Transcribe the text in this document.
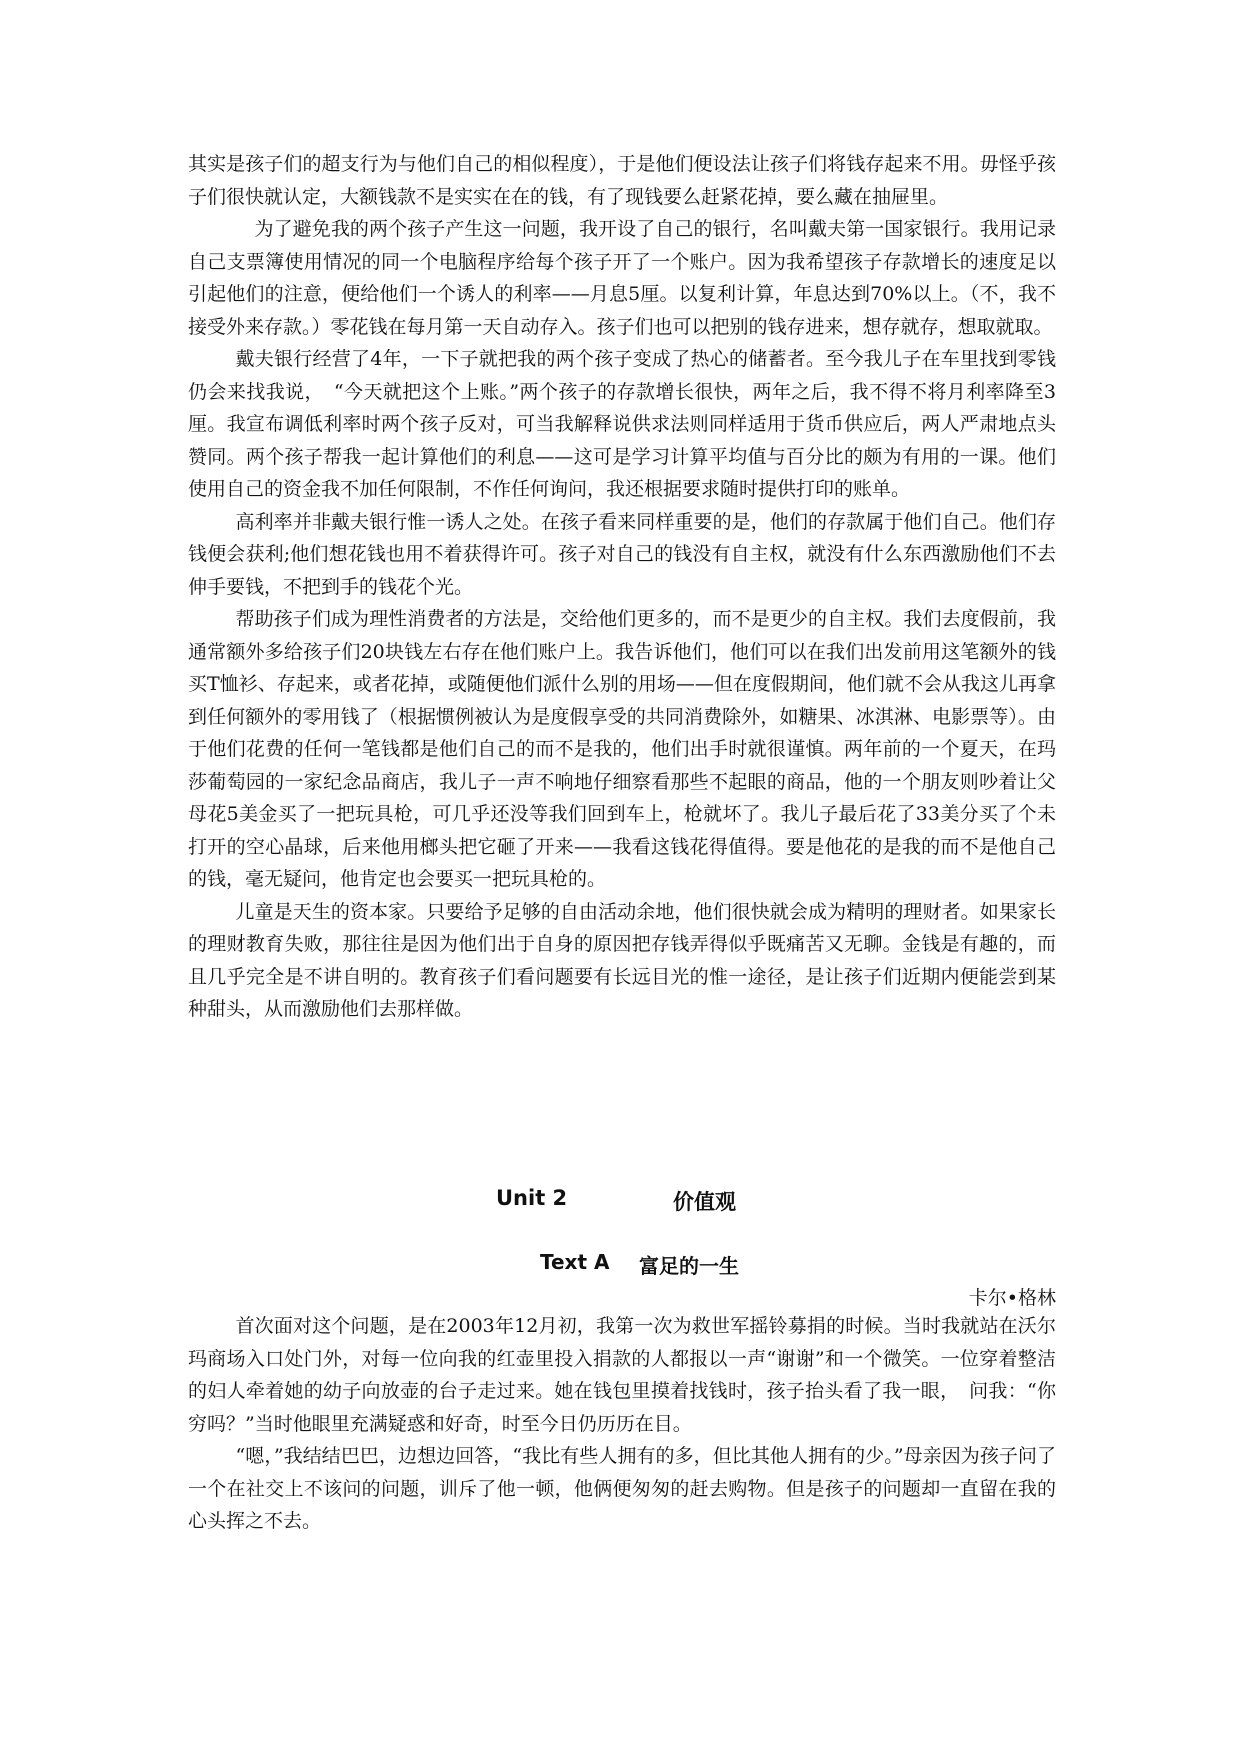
其实是孩子们的超支行为与他们自己的相似程度），于是他们便设法让孩子们将钱存起来不用。毋怪乎孩子们很快就认定，大额钱款不是实实在在的钱，有了现钱要么赶紧花掉，要么藏在抽屉里。

为了避免我的两个孩子产生这一问题，我开设了自己的银行，名叫戴夫第一国家银行。我用记录自己支票簿使用情况的同一个电脑程序给每个孩子开了一个账户。因为我希望孩子存款增长的速度足以引起他们的注意，便给他们一个诱人的利率——月息5厘。以复利计算，年息达到70%以上。（不，我不接受外来存款。）零花钱在每月第一天自动存入。孩子们也可以把别的钱存进来，想存就存，想取就取。

戴夫银行经营了4年，一下子就把我的两个孩子变成了热心的储蓄者。至今我儿子在车里找到零钱仍会来找我说，　“今天就把这个上账。”两个孩子的存款增长很快，两年之后，我不得不将月利率降至3厘。我宣布调低利率时两个孩子反对，可当我解释说供求法则同样适用于货币供应后，两人严肃地点头赞同。两个孩子帮我一起计算他们的利息——这可是学习计算平均值与百分比的颇为有用的一课。他们使用自己的资金我不加任何限制，不作任何询问，我还根据要求随时提供打印的账单。

高利率并非戴夫银行惟一诱人之处。在孩子看来同样重要的是，他们的存款属于他们自己。他们存钱便会获利;他们想花钱也用不着获得许可。孩子对自己的钱没有自主权，就没有什么东西激励他们不去伸手要钱，不把到手的钱花个光。

帮助孩子们成为理性消费者的方法是，交给他们更多的，而不是更少的自主权。我们去度假前，我通常额外多给孩子们20块钱左右存在他们账户上。我告诉他们，他们可以在我们出发前用这笔额外的钱买T恤衫、存起来，或者花掉，或随便他们派什么别的用场——但在度假期间，他们就不会从我这儿再拿到任何额外的零用钱了（根据惯例被认为是度假享受的共同消费除外，如糖果、冰淇淋、电影票等）。由于他们花费的任何一笔钱都是他们自己的而不是我的，他们出手时就很谨慎。两年前的一个夏天，在玛莎葡萄园的一家纪念品商店，我儿子一声不响地仔细察看那些不起眼的商品，他的一个朋友则吵着让父母花5美金买了一把玩具枪，可几乎还没等我们回到车上，枪就坏了。我儿子最后花了33美分买了个未打开的空心晶球，后来他用榔头把它砸了开来——我看这钱花得值得。要是他花的是我的而不是他自己的钱，毫无疑问，他肯定也会要买一把玩具枪的。

儿童是天生的资本家。只要给予足够的自由活动余地，他们很快就会成为精明的理财者。如果家长的理财教育失败，那往往是因为他们出于自身的原因把存钱弄得似乎既痛苦又无聊。金钱是有趣的，而且几乎完全是不讲自明的。教育孩子们看问题要有长远目光的惟一途径，是让孩子们近期内便能尝到某种甜头，从而激励他们去那样做。

Unit 2	价值观
Text A 富足的一生
卡尔•格林

首次面对这个问题，是在2003年12月初，我第一次为救世军摇铃募捐的时候。当时我就站在沃尔玛商场入口处门外，对每一位向我的红壶里投入捐款的人都报以一声“谢谢”和一个微笑。一位穿着整洁的妇人牵着她的幼子向放壶的台子走过来。她在钱包里摸着找钱时，孩子抬头看了我一眼，　问我：“你穷吗？”当时他眼里充满疑惑和好奇，时至今日仍历历在目。

“嗯，”我结结巴巴，边想边回答，“我比有些人拥有的多，但比其他人拥有的少。”母亲因为孩子问了一个在社交上不该问的问题，训斥了他一顿，他俩便匆匆的赶去购物。但是孩子的问题却一直留在我的心头挥之不去。
